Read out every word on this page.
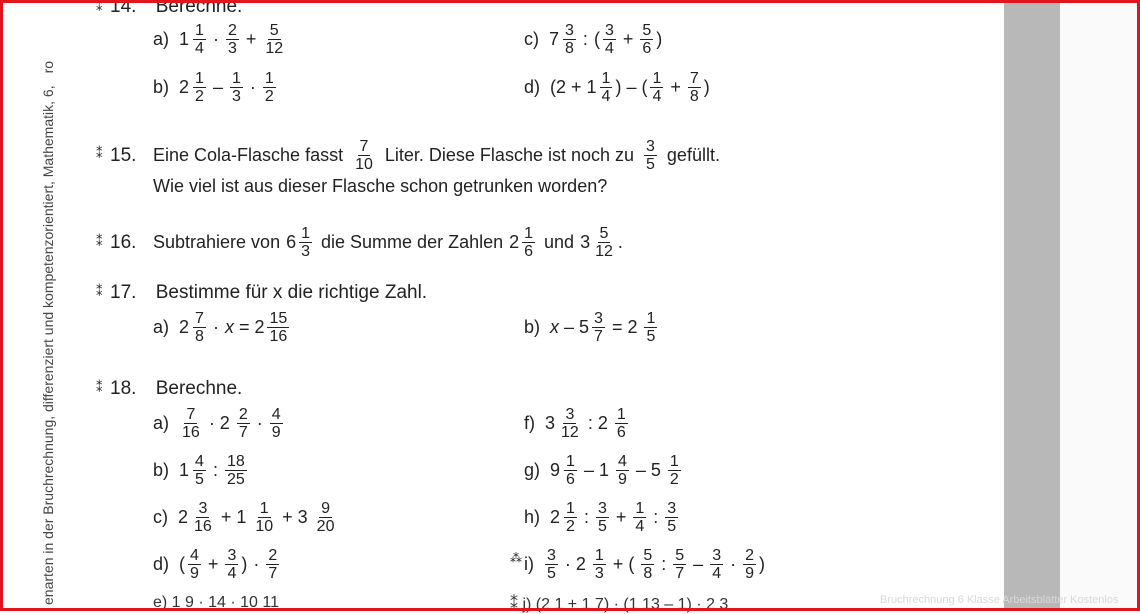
enarten in der Bruchrechnung, differenziert und kompetenzorientiert, Mathematik, 6,ro
⁑ 14. Berechne.
a) $1 \frac{1}{4} \cdot \frac{2}{3} + \frac{5}{12}$	c) $7 \frac{3}{8}$ : ( $\frac{3}{4} + \frac{5}{6}$ )
b) $2 \frac{1}{2} - \frac{1}{3} \cdot \frac{1}{2}$	d) ($2 + 1 \frac{1}{4}$ ) – ( $\frac{1}{4} + \frac{7}{8}$ )
⁑ 15. Eine Cola-Flasche fasst $\frac{7}{10}$ Liter. Diese Flasche ist noch zu $\frac{3}{5}$ gefüllt.
Wie viel ist aus dieser Flasche schon getrunken worden?
⁑ 16. Subtrahiere von $6 \frac{1}{3}$ die Summe der Zahlen $2 \frac{1}{6}$ und $3 \frac{5}{12}$ .
⁑ 17. Bestimme für x die richtige Zahl.
a) $2 \frac{7}{8} \cdot x = 2 \frac{15}{16}$	b) $x - 5 \frac{3}{7} = 2 \frac{1}{5}$
⁑ 18. Berechne.
$a) \frac{7}{16} \cdot 2 \frac{2}{7} \cdot \frac{4}{9}$	f) $3 \frac{3}{12}$ : $2 \frac{1}{6}$
b) $1 \frac{4}{5}$ : $\frac{18}{25}$	g) $9 \frac{1}{6} - 1 \frac{4}{9} - 5 \frac{1}{2}$
c) $2 \frac{3}{16} + 1 \frac{1}{10} + 3 \frac{9}{20}$	h) $2 \frac{1}{2}$ : $\frac{3}{5} + \frac{1}{4}$ : $\frac{3}{5}$
d) ( $\frac{4}{9} + \frac{3}{4}$ ) · $\frac{2}{7}$	⁂ $i) \frac{3}{5} \cdot 2 \frac{1}{3}$ + ( $\frac{5}{8}$ : $\frac{5}{7} - \frac{3}{4} \cdot \frac{2}{9}$ )
e) 1 9 · 14 · 10 11	⁑ j) (2 1 + 1 7) · (1 13 – 1) · 2 3	Bruchrechnung 6 Klasse Arbeitsblätter Kostenlos
